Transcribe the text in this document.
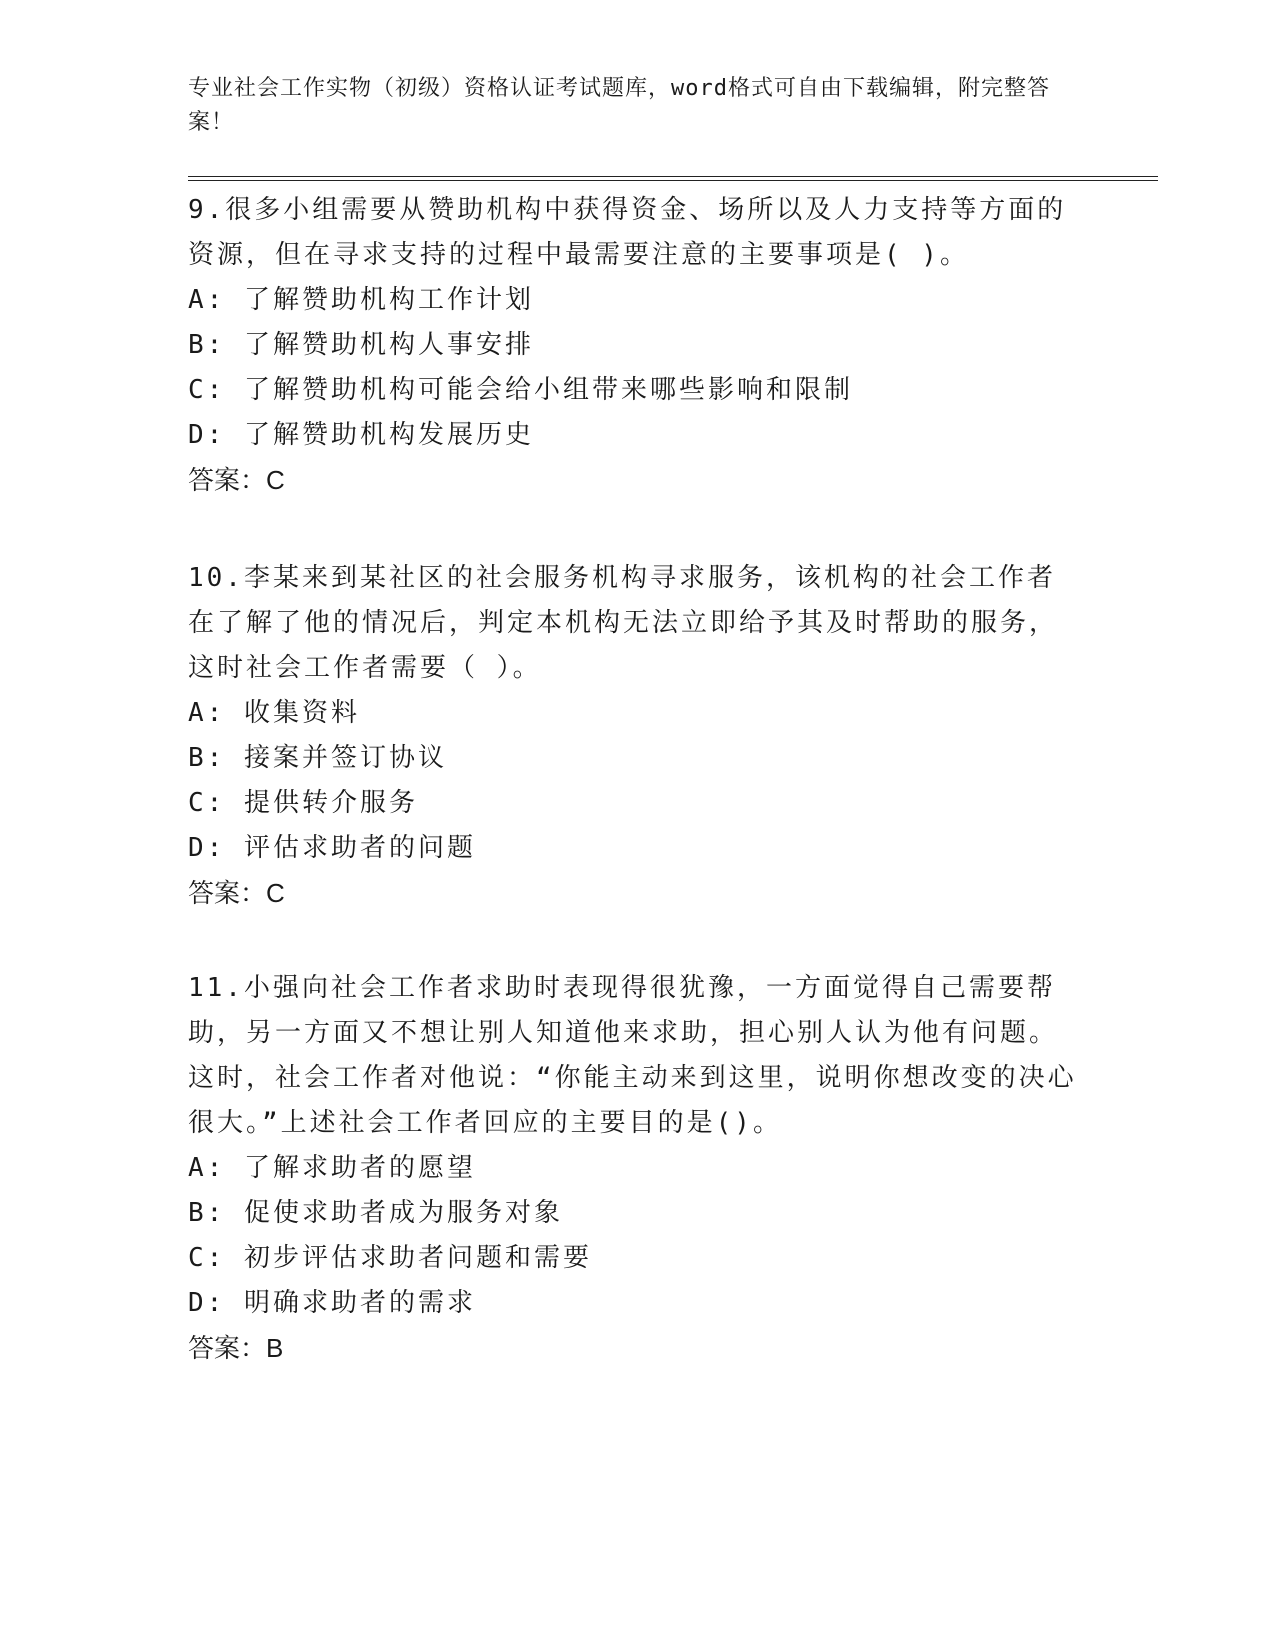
专业社会工作实物（初级）资格认证考试题库，word格式可自由下载编辑，附完整答案！

9.很多小组需要从赞助机构中获得资金、场所以及人力支持等方面的资源，但在寻求支持的过程中最需要注意的主要事项是( )。

A: 了解赞助机构工作计划

B: 了解赞助机构人事安排

C: 了解赞助机构可能会给小组带来哪些影响和限制

D: 了解赞助机构发展历史

答案：C

10.李某来到某社区的社会服务机构寻求服务，该机构的社会工作者在了解了他的情况后，判定本机构无法立即给予其及时帮助的服务，这时社会工作者需要（ ）。

A: 收集资料

B: 接案并签订协议

C: 提供转介服务

D: 评估求助者的问题

答案：C

11.小强向社会工作者求助时表现得很犹豫，一方面觉得自己需要帮助，另一方面又不想让别人知道他来求助，担心别人认为他有问题。这时，社会工作者对他说：“你能主动来到这里，说明你想改变的决心很大。”上述社会工作者回应的主要目的是()。

A: 了解求助者的愿望

B: 促使求助者成为服务对象

C: 初步评估求助者问题和需要

D: 明确求助者的需求

答案：B
